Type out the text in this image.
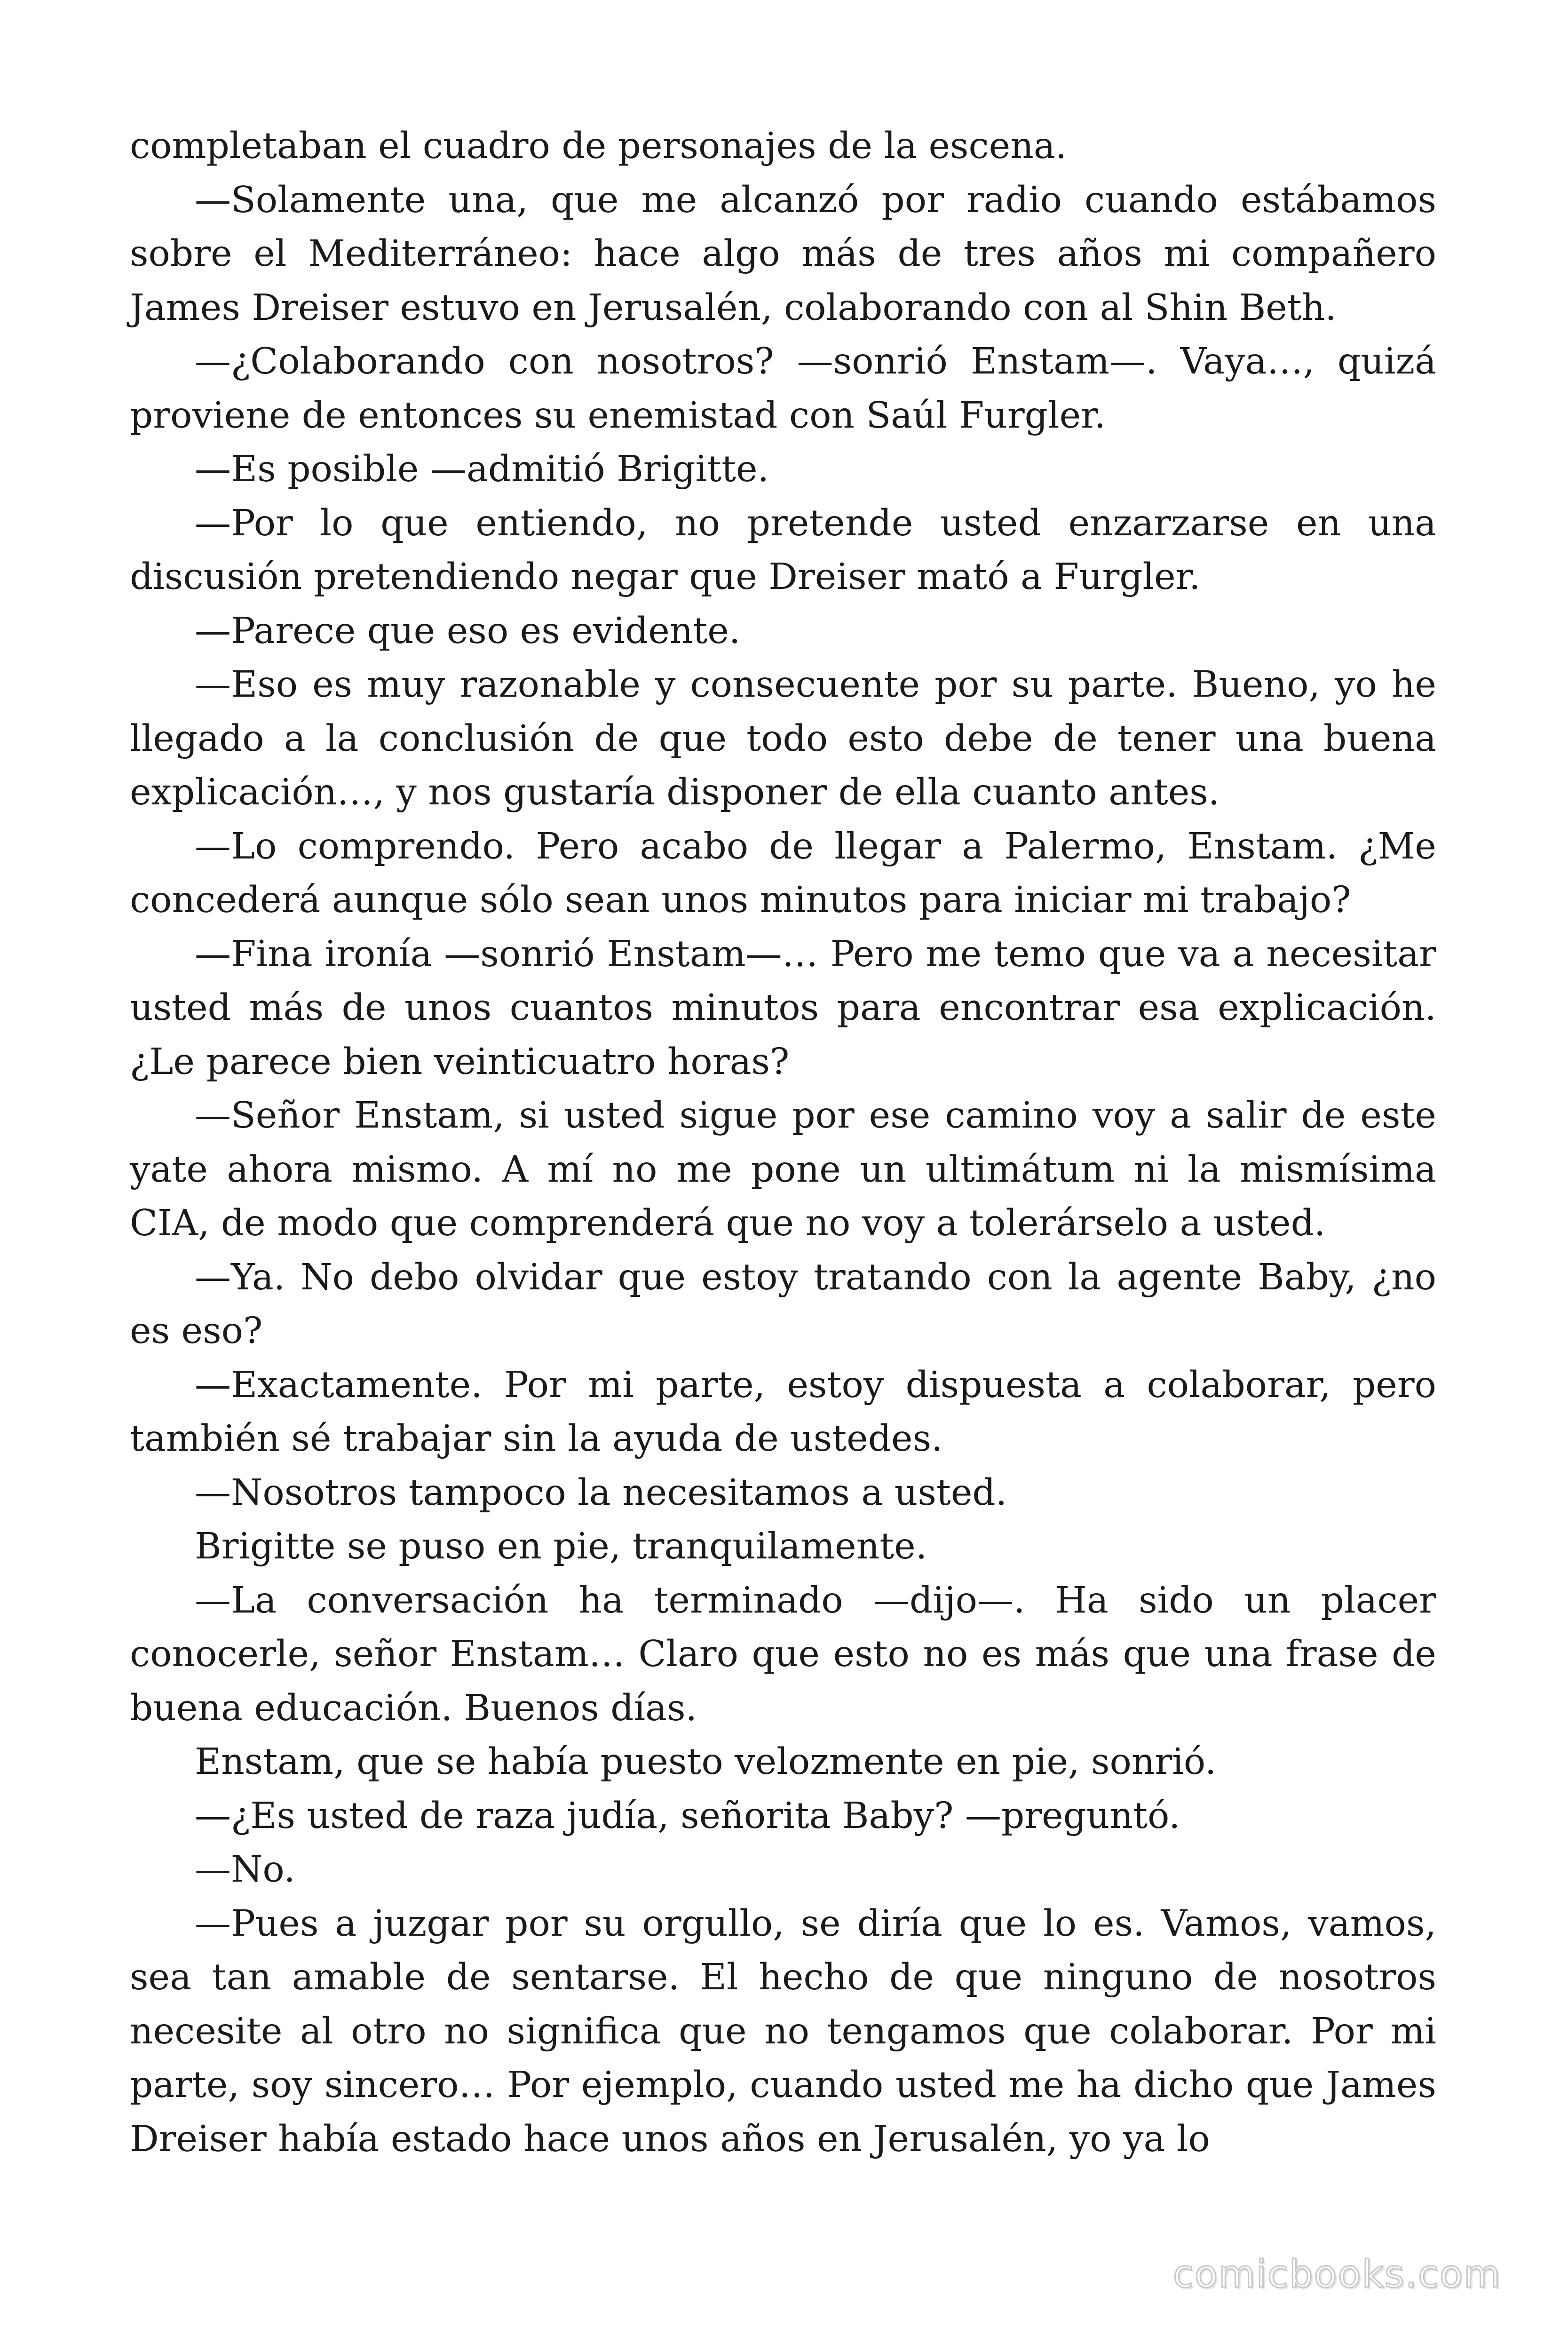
completaban el cuadro de personajes de la escena.

—Solamente una, que me alcanzó por radio cuando estábamos sobre el Mediterráneo: hace algo más de tres años mi compañero James Dreiser estuvo en Jerusalén, colaborando con al Shin Beth.

—¿Colaborando con nosotros? —sonrió Enstam—. Vaya…, quizá proviene de entonces su enemistad con Saúl Furgler.

—Es posible —admitió Brigitte.

—Por lo que entiendo, no pretende usted enzarzarse en una discusión pretendiendo negar que Dreiser mató a Furgler.

—Parece que eso es evidente.

—Eso es muy razonable y consecuente por su parte. Bueno, yo he llegado a la conclusión de que todo esto debe de tener una buena explicación…, y nos gustaría disponer de ella cuanto antes.

—Lo comprendo. Pero acabo de llegar a Palermo, Enstam. ¿Me concederá aunque sólo sean unos minutos para iniciar mi trabajo?

—Fina ironía —sonrió Enstam—… Pero me temo que va a necesitar usted más de unos cuantos minutos para encontrar esa explicación. ¿Le parece bien veinticuatro horas?

—Señor Enstam, si usted sigue por ese camino voy a salir de este yate ahora mismo. A mí no me pone un ultimátum ni la mismísima CIA, de modo que comprenderá que no voy a tolerárselo a usted.

—Ya. No debo olvidar que estoy tratando con la agente Baby, ¿no es eso?

—Exactamente. Por mi parte, estoy dispuesta a colaborar, pero también sé trabajar sin la ayuda de ustedes.

—Nosotros tampoco la necesitamos a usted.

Brigitte se puso en pie, tranquilamente.

—La conversación ha terminado —dijo—. Ha sido un placer conocerle, señor Enstam… Claro que esto no es más que una frase de buena educación. Buenos días.

Enstam, que se había puesto velozmente en pie, sonrió.

—¿Es usted de raza judía, señorita Baby? —preguntó.

—No.

—Pues a juzgar por su orgullo, se diría que lo es. Vamos, vamos, sea tan amable de sentarse. El hecho de que ninguno de nosotros necesite al otro no significa que no tengamos que colaborar. Por mi parte, soy sincero… Por ejemplo, cuando usted me ha dicho que James Dreiser había estado hace unos años en Jerusalén, yo ya lo

comicbooks.com
